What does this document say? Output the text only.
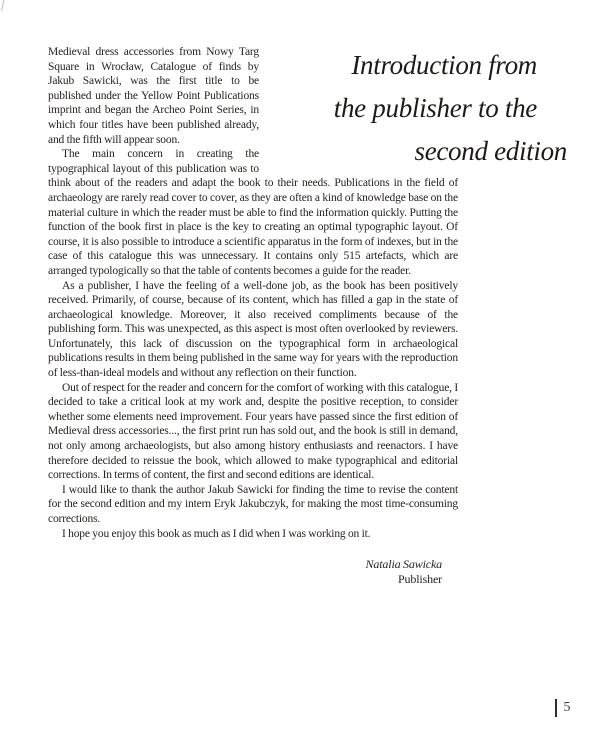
Introduction from
the publisher to the
second edition

Medieval dress accessories from Nowy Targ Square in Wrocław, Catalogue of finds by Jakub Sawicki, was the first title to be published under the Yellow Point Publications imprint and began the Archeo Point Series, in which four titles have been published already, and the fifth will appear soon.

The main concern in creating the typographical layout of this publication was to think about of the readers and adapt the book to their needs. Publications in the field of archaeology are rarely read cover to cover, as they are often a kind of knowledge base on the material culture in which the reader must be able to find the information quickly. Putting the function of the book first in place is the key to creating an optimal typographic layout. Of course, it is also possible to introduce a scientific apparatus in the form of indexes, but in the case of this catalogue this was unnecessary. It contains only 515 artefacts, which are arranged typologically so that the table of contents becomes a guide for the reader.

As a publisher, I have the feeling of a well-done job, as the book has been positively received. Primarily, of course, because of its content, which has filled a gap in the state of archaeological knowledge. Moreover, it also received compliments because of the publishing form. This was unexpected, as this aspect is most often overlooked by reviewers. Unfortunately, this lack of discussion on the typographical form in archaeological publications results in them being published in the same way for years with the reproduction of less-than-ideal models and without any reflection on their function.

Out of respect for the reader and concern for the comfort of working with this catalogue, I decided to take a critical look at my work and, despite the positive reception, to consider whether some elements need improvement. Four years have passed since the first edition of Medieval dress accessories..., the first print run has sold out, and the book is still in demand, not only among archaeologists, but also among history enthusiasts and reenactors. I have therefore decided to reissue the book, which allowed to make typographical and editorial corrections. In terms of content, the first and second editions are identical.

I would like to thank the author Jakub Sawicki for finding the time to revise the content for the second edition and my intern Eryk Jakubczyk, for making the most time-consuming corrections.

I hope you enjoy this book as much as I did when I was working on it.

Natalia Sawicka
Publisher
5
